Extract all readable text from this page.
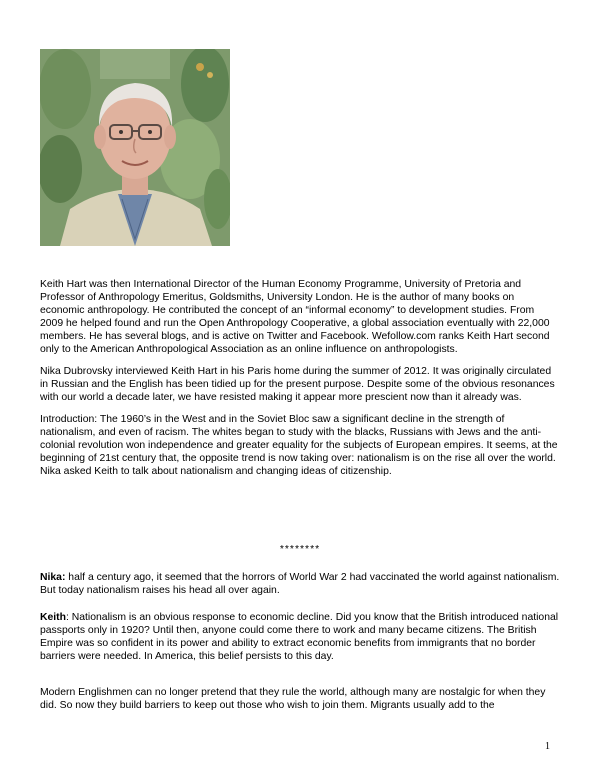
Keith Hart was then International Director of the Human Economy Programme, University of Pretoria and Professor of Anthropology Emeritus, Goldsmiths, University London. He is the author of many books on economic anthropology. He contributed the concept of an “informal economy” to development studies. From 2009 he helped found and run the Open Anthropology Cooperative, a global association eventually with 22,000 members. He has several blogs, and is active on Twitter and Facebook. Wefollow.com ranks Keith Hart second only to the American Anthropological Association as an online influence on anthropologists.

Nika Dubrovsky interviewed Keith Hart in his Paris home during the summer of 2012. It was originally circulated in Russian and the English has been tidied up for the present purpose. Despite some of the obvious resonances with our world a decade later, we have resisted making it appear more prescient now than it already was.

Introduction: The 1960’s in the West and in the Soviet Bloc saw a significant decline in the strength of nationalism, and even of racism. The whites began to study with the blacks, Russians with Jews and the anti-colonial revolution won independence and greater equality for the subjects of European empires. It seems, at the beginning of 21st century that, the opposite trend is now taking over: nationalism is on the rise all over the world. Nika asked Keith to talk about nationalism and changing ideas of citizenship.

********

Nika: half a century ago, it seemed that the horrors of World War 2 had vaccinated the world against nationalism. But today nationalism raises his head all over again.

Keith: Nationalism is an obvious response to economic decline. Did you know that the British introduced national passports only in 1920? Until then, anyone could come there to work and many became citizens. The British Empire was so confident in its power and ability to extract economic benefits from immigrants that no border barriers were needed. In America, this belief persists to this day.

Modern Englishmen can no longer pretend that they rule the world, although many are nostalgic for when they did. So now they build barriers to keep out those who wish to join them. Migrants usually add to the

1
